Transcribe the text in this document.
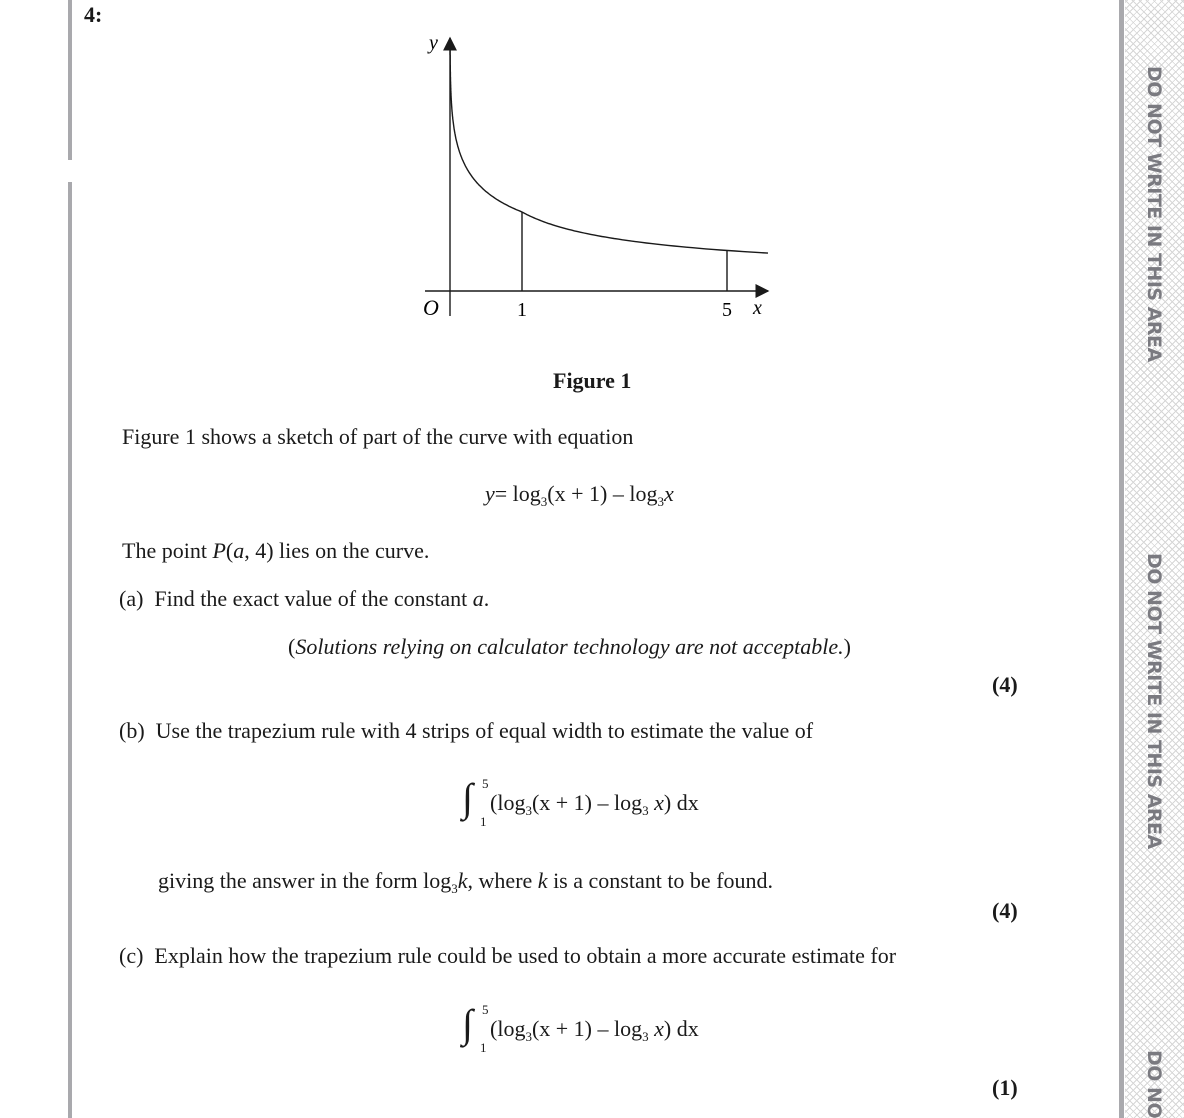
DO NOT WRITE IN THIS AREA
DO NOT WRITE IN THIS AREA
DO NO
4:
y
O	1	5 x
Figure 1
Figure 1 shows a sketch of part of the curve with equation
$y= \log_3(x + 1) - \log_3x$
The point P(a, 4) lies on the curve.
(a) Find the exact value of the constant a.
(Solutions relying on calculator technology are not acceptable.)
(4)
(b) Use the trapezium rule with 4 strips of equal width to estimate the value of
∫ 5
1
$(\log_3(x + 1) - \log_3 x)$ dx
giving the answer in the form $\log_3k$, where k is a constant to be found.
(4)
(c) Explain how the trapezium rule could be used to obtain a more accurate estimate for
∫ 5
1
$(\log_3(x + 1) - \log_3 x)$ dx
(1)
